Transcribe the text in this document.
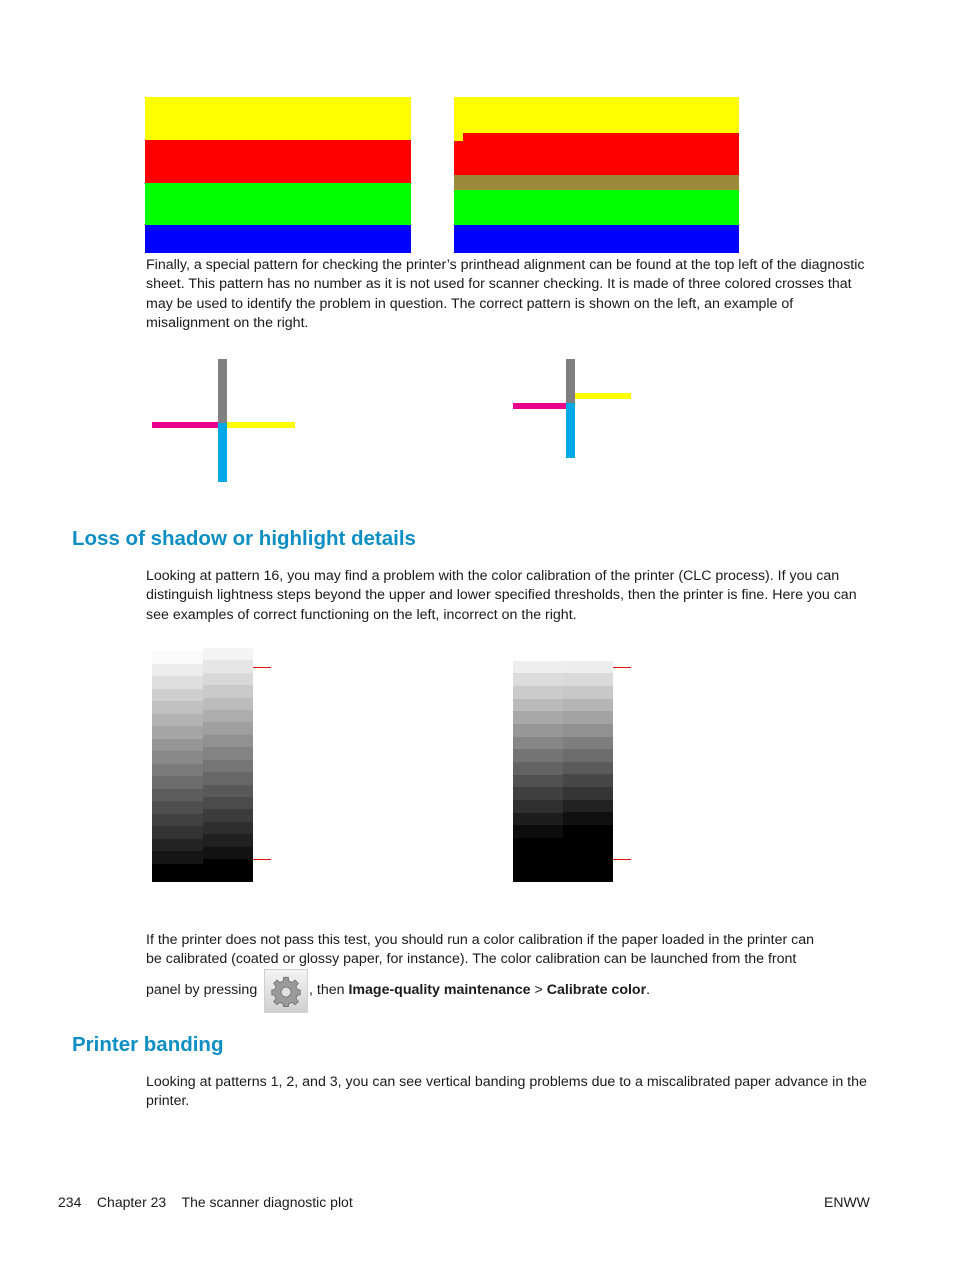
Finally, a special pattern for checking the printer’s printhead alignment can be found at the top left of the diagnostic sheet. This pattern has no number as it is not used for scanner checking. It is made of three colored crosses that may be used to identify the problem in question. The correct pattern is shown on the left, an example of misalignment on the right.

Loss of shadow or highlight details

Looking at pattern 16, you may find a problem with the color calibration of the printer (CLC process). If you can distinguish lightness steps beyond the upper and lower specified thresholds, then the printer is fine. Here you can see examples of correct functioning on the left, incorrect on the right.

If the printer does not pass this test, you should run a color calibration if the paper loaded in the printer can
be calibrated (coated or glossy paper, for instance). The color calibration can be launched from the front
panel by pressing	, then Image-quality maintenance > Calibrate color.
Printer banding

Looking at patterns 1, 2, and 3, you can see vertical banding problems due to a miscalibrated paper advance in the printer.

234 Chapter 23 The scanner diagnostic plot	ENWW
